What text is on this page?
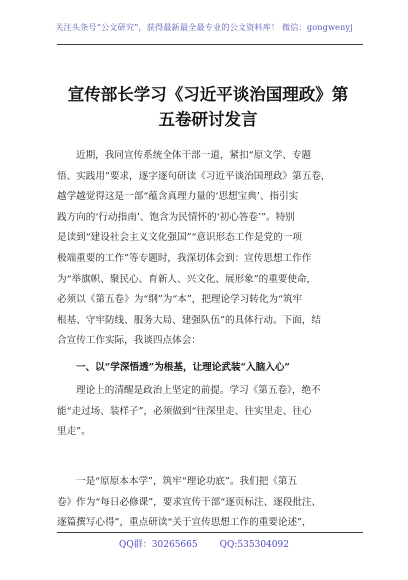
关注头条号“公文研究”，获得最新最全最专业的公文资料库！ 微信：gongwenyj
宣传部长学习《习近平谈治国理政》第
五卷研讨发言
近期，我同宣传系统全体干部一道，紧扣“原文学、专题
悟、实践用”要求，逐字逐句研读《习近平谈治国理政》第五卷，
越学越觉得这是一部“蕴含真理力量的‘思想宝典’、指引实
践方向的‘行动指南’、饱含为民情怀的‘初心答卷’”。特别
是读到“建设社会主义文化强国”“意识形态工作是党的一项
极端重要的工作”等专题时，我深切体会到：宣传思想工作作
为“举旗帜、聚民心、育新人、兴文化、展形象”的重要使命，
必须以《第五卷》为“纲”为“本”，把理论学习转化为“筑牢
根基、守牢防线、服务大局、建强队伍”的具体行动。下面，结
合宣传工作实际，我谈四点体会：
一、以“学深悟透”为根基，让理论武装“入脑入心”
理论上的清醒是政治上坚定的前提。学习《第五卷》，绝不
能“走过场、装样子”，必须做到“往深里走、往实里走、往心
里走”。
一是“原原本本学”，筑牢“理论功底”。我们把《第五
卷》作为“每日必修课”，要求宣传干部“逐页标注、逐段批注、
逐篇撰写心得”，重点研读“关于宣传思想工作的重要论述”，
QQ群：30265665 QQ:535304092
